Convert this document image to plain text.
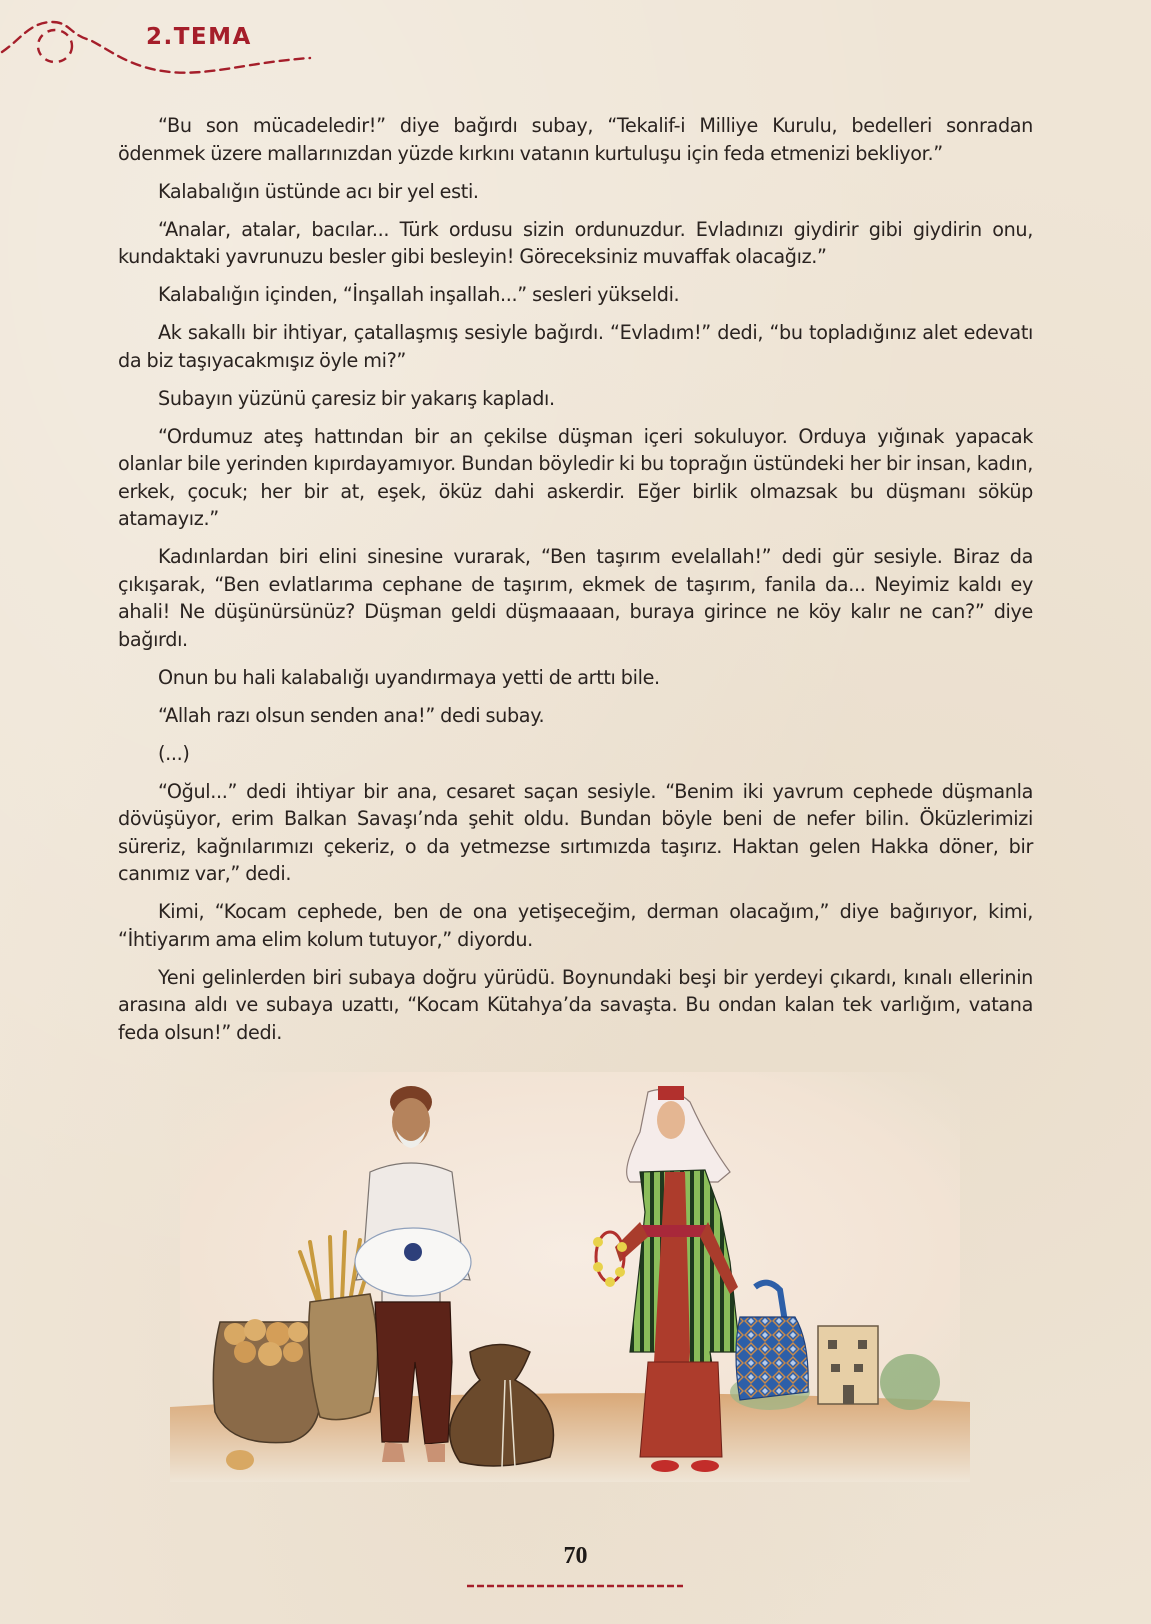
2.TEMA

“Bu son mücadeledir!” diye bağırdı subay, “Tekalif-i Milliye Kurulu, bedelleri sonradan ödenmek üzere mallarınızdan yüzde kırkını vatanın kurtuluşu için feda etmenizi bekliyor.”

Kalabalığın üstünde acı bir yel esti.

“Analar, atalar, bacılar... Türk ordusu sizin ordunuzdur. Evladınızı giydirir gibi giydirin onu, kundaktaki yavrunuzu besler gibi besleyin! Göreceksiniz muvaffak olacağız.”

Kalabalığın içinden, “İnşallah inşallah...” sesleri yükseldi.

Ak sakallı bir ihtiyar, çatallaşmış sesiyle bağırdı. “Evladım!” dedi, “bu topladığınız alet edevatı da biz taşıyacakmışız öyle mi?”

Subayın yüzünü çaresiz bir yakarış kapladı.

“Ordumuz ateş hattından bir an çekilse düşman içeri sokuluyor. Orduya yığınak yapacak olanlar bile yerinden kıpırdayamıyor. Bundan böyledir ki bu toprağın üstündeki her bir insan, kadın, erkek, çocuk; her bir at, eşek, öküz dahi askerdir. Eğer birlik olmazsak bu düşmanı söküp atamayız.”

Kadınlardan biri elini sinesine vurarak, “Ben taşırım evelallah!” dedi gür sesiyle. Biraz da çıkışarak, “Ben evlatlarıma cephane de taşırım, ekmek de taşırım, fanila da... Neyimiz kaldı ey ahali! Ne düşünürsünüz? Düşman geldi düşmaaaan, buraya girince ne köy kalır ne can?” diye bağırdı.

Onun bu hali kalabalığı uyandırmaya yetti de arttı bile.

“Allah razı olsun senden ana!” dedi subay.

(...)

“Oğul...” dedi ihtiyar bir ana, cesaret saçan sesiyle. “Benim iki yavrum cephede düşmanla dövüşüyor, erim Balkan Savaşı’nda şehit oldu. Bundan böyle beni de nefer bilin. Öküzlerimizi süreriz, kağnılarımızı çekeriz, o da yetmezse sırtımızda taşırız. Haktan gelen Hakka döner, bir canımız var,” dedi.

Kimi, “Kocam cephede, ben de ona yetişeceğim, derman olacağım,” diye bağırıyor, kimi, “İhtiyarım ama elim kolum tutuyor,” diyordu.

Yeni gelinlerden biri subaya doğru yürüdü. Boynundaki beşi bir yerdeyi çıkardı, kınalı ellerinin arasına aldı ve subaya uzattı, “Kocam Kütahya’da savaşta. Bu ondan kalan tek varlığım, vatana feda olsun!” dedi.

70
